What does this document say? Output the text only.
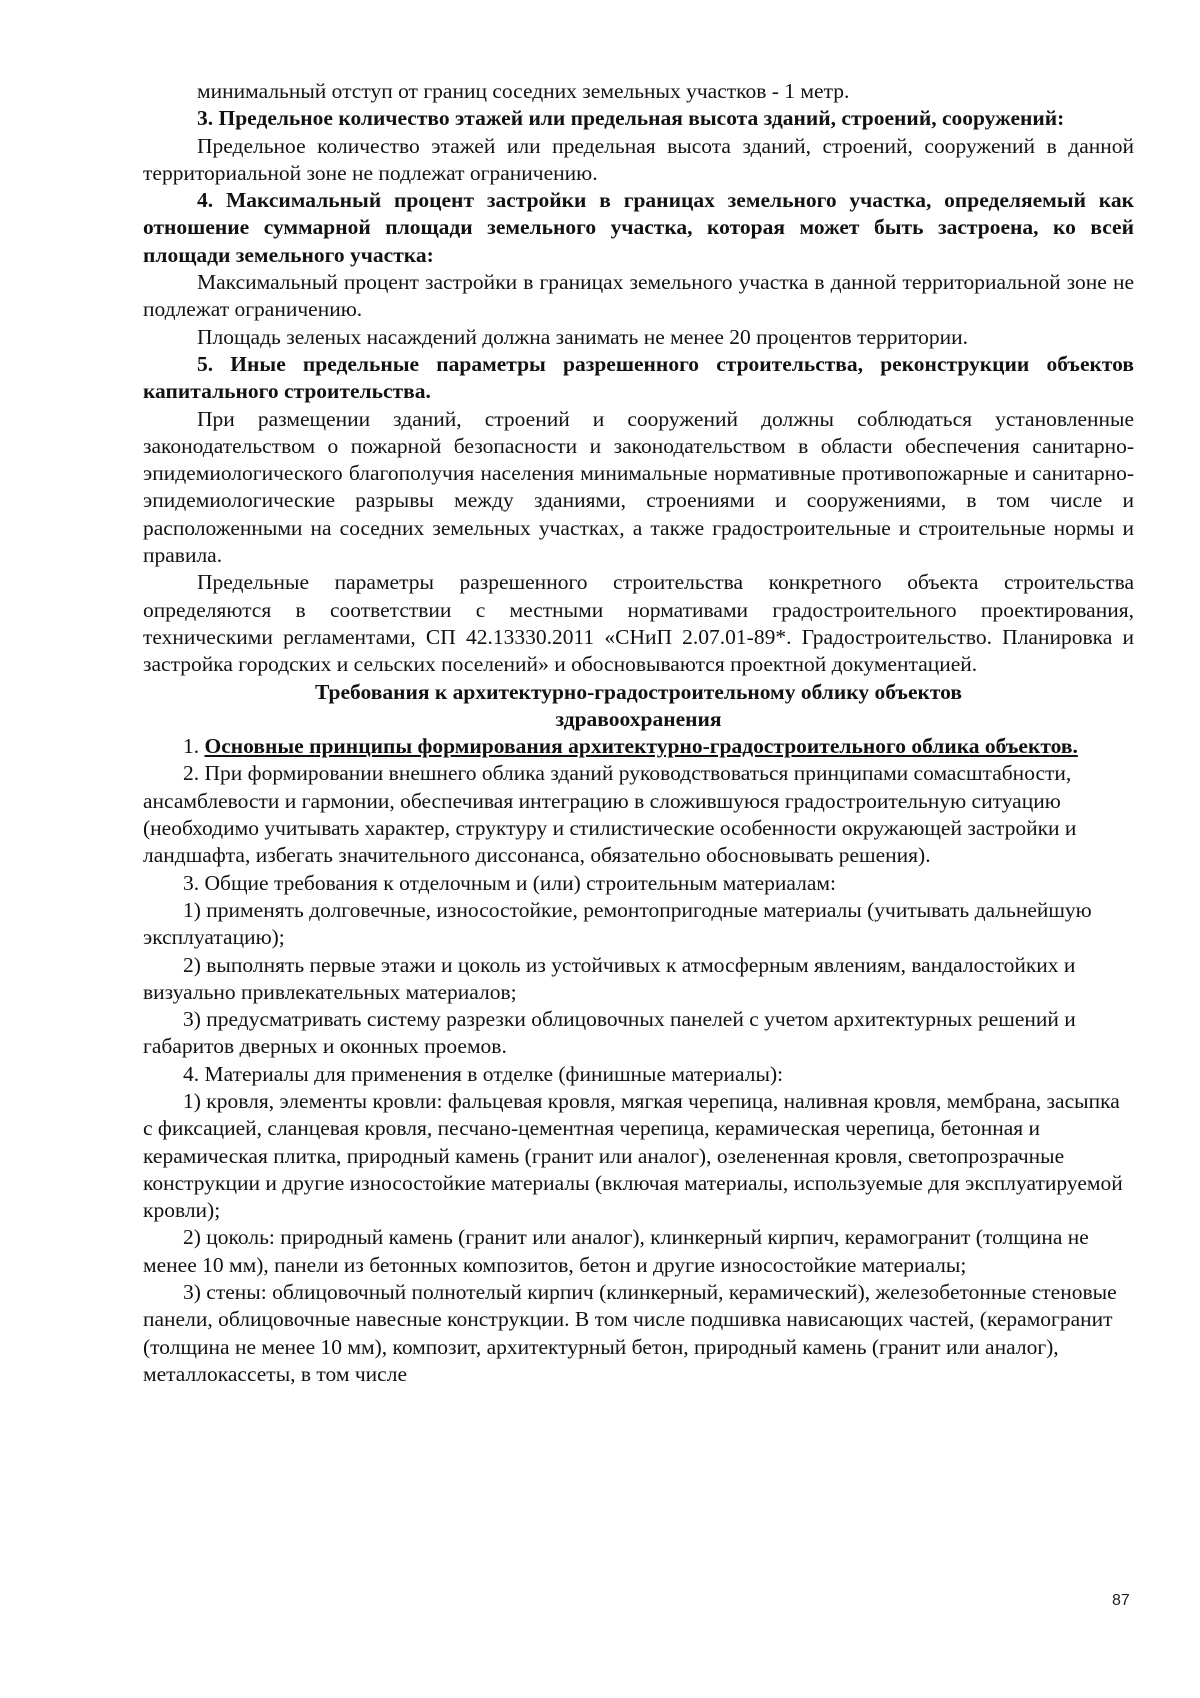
минимальный отступ от границ соседних земельных участков - 1 метр.

3. Предельное количество этажей или предельная высота зданий, строений, сооружений:

Предельное количество этажей или предельная высота зданий, строений, сооружений в данной территориальной зоне не подлежат ограничению.

4. Максимальный процент застройки в границах земельного участка, определяемый как отношение суммарной площади земельного участка, которая может быть застроена, ко всей площади земельного участка:

Максимальный процент застройки в границах земельного участка в данной территориальной зоне не подлежат ограничению.

Площадь зеленых насаждений должна занимать не менее 20 процентов территории.

5. Иные предельные параметры разрешенного строительства, реконструкции объектов капитального строительства.

При размещении зданий, строений и сооружений должны соблюдаться установленные законодательством о пожарной безопасности и законодательством в области обеспечения санитарно-эпидемиологического благополучия населения минимальные нормативные противопожарные и санитарно-эпидемиологические разрывы между зданиями, строениями и сооружениями, в том числе и расположенными на соседних земельных участках, а также градостроительные и строительные нормы и правила.

Предельные параметры разрешенного строительства конкретного объекта строительства определяются в соответствии с местными нормативами градостроительного проектирования, техническими регламентами, СП 42.13330.2011 «СНиП 2.07.01-89*. Градостроительство. Планировка и застройка городских и сельских поселений» и обосновываются проектной документацией.

Требования к архитектурно-градостроительному облику объектов здравоохранения

1. Основные принципы формирования архитектурно-градостроительного облика объектов.

2. При формировании внешнего облика зданий руководствоваться принципами сомасштабности, ансамблевости и гармонии, обеспечивая интеграцию в сложившуюся градостроительную ситуацию (необходимо учитывать характер, структуру и стилистические особенности окружающей застройки и ландшафта, избегать значительного диссонанса, обязательно обосновывать решения).

3. Общие требования к отделочным и (или) строительным материалам:

1) применять долговечные, износостойкие, ремонтопригодные материалы (учитывать дальнейшую эксплуатацию);

2) выполнять первые этажи и цоколь из устойчивых к атмосферным явлениям, вандалостойких и визуально привлекательных материалов;

3) предусматривать систему разрезки облицовочных панелей с учетом архитектурных решений и габаритов дверных и оконных проемов.

4. Материалы для применения в отделке (финишные материалы):

1) кровля, элементы кровли: фальцевая кровля, мягкая черепица, наливная кровля, мембрана, засыпка с фиксацией, сланцевая кровля, песчано-цементная черепица, керамическая черепица, бетонная и керамическая плитка, природный камень (гранит или аналог), озелененная кровля, светопрозрачные конструкции и другие износостойкие материалы (включая материалы, используемые для эксплуатируемой кровли);

2) цоколь: природный камень (гранит или аналог), клинкерный кирпич, керамогранит (толщина не менее 10 мм), панели из бетонных композитов, бетон и другие износостойкие материалы;

3) стены: облицовочный полнотелый кирпич (клинкерный, керамический), железобетонные стеновые панели, облицовочные навесные конструкции. В том числе подшивка нависающих частей, (керамогранит (толщина не менее 10 мм), композит, архитектурный бетон, природный камень (гранит или аналог), металлокассеты, в том числе

87
